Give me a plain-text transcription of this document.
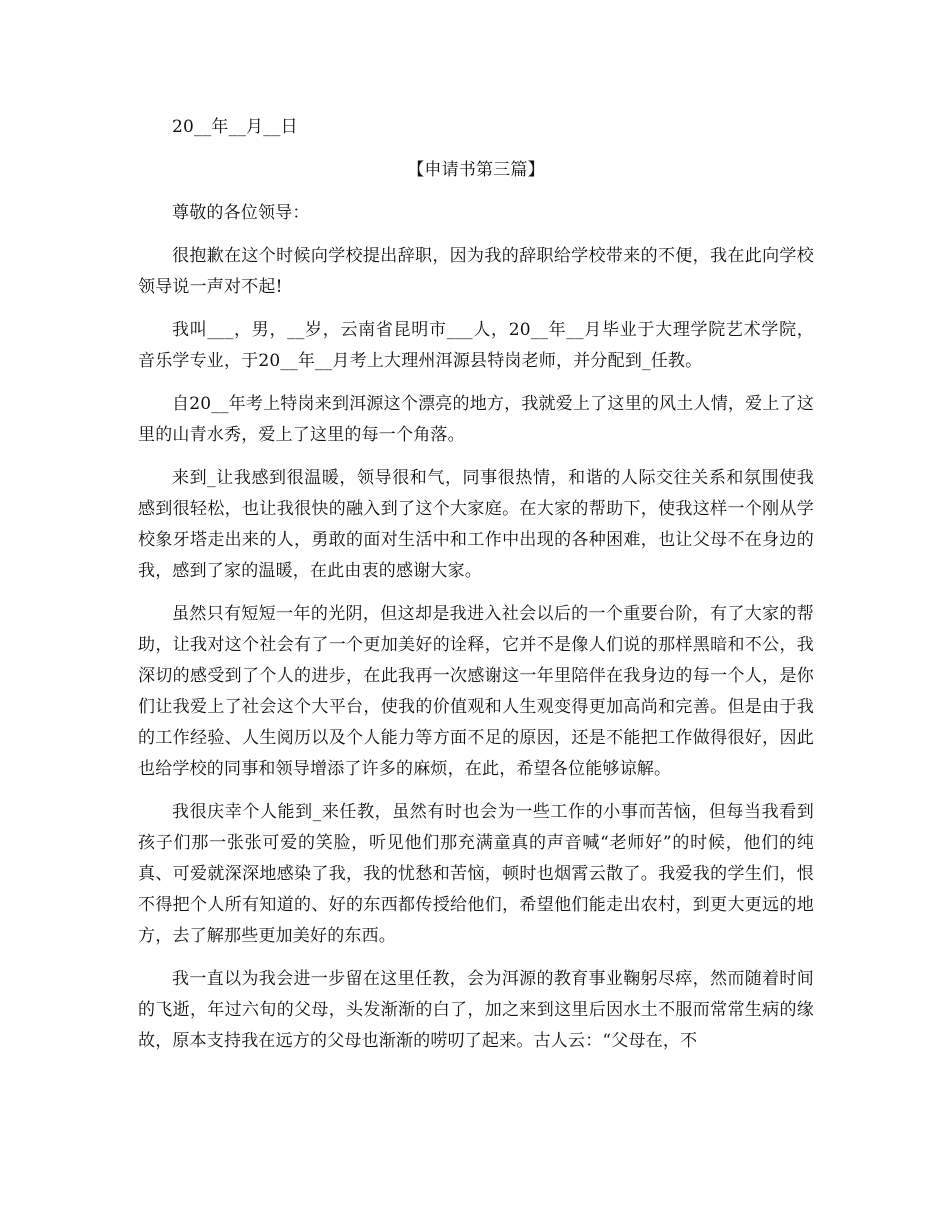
20__年__月__日

【申请书第三篇】

尊敬的各位领导：

很抱歉在这个时候向学校提出辞职，因为我的辞职给学校带来的不便，我在此向学校领导说一声对不起!

我叫___，男，__岁，云南省昆明市___人，20__年__月毕业于大理学院艺术学院，音乐学专业，于20__年__月考上大理州洱源县特岗老师，并分配到_任教。

自20__年考上特岗来到洱源这个漂亮的地方，我就爱上了这里的风土人情，爱上了这里的山青水秀，爱上了这里的每一个角落。

来到_让我感到很温暖，领导很和气，同事很热情，和谐的人际交往关系和氛围使我感到很轻松，也让我很快的融入到了这个大家庭。在大家的帮助下，使我这样一个刚从学校象牙塔走出来的人，勇敢的面对生活中和工作中出现的各种困难，也让父母不在身边的我，感到了家的温暖，在此由衷的感谢大家。

虽然只有短短一年的光阴，但这却是我进入社会以后的一个重要台阶，有了大家的帮助，让我对这个社会有了一个更加美好的诠释，它并不是像人们说的那样黑暗和不公，我深切的感受到了个人的进步，在此我再一次感谢这一年里陪伴在我身边的每一个人，是你们让我爱上了社会这个大平台，使我的价值观和人生观变得更加高尚和完善。但是由于我的工作经验、人生阅历以及个人能力等方面不足的原因，还是不能把工作做得很好，因此也给学校的同事和领导增添了许多的麻烦，在此，希望各位能够谅解。

我很庆幸个人能到_来任教，虽然有时也会为一些工作的小事而苦恼，但每当我看到孩子们那一张张可爱的笑脸，听见他们那充满童真的声音喊“老师好”的时候，他们的纯真、可爱就深深地感染了我，我的忧愁和苦恼，顿时也烟霄云散了。我爱我的学生们，恨不得把个人所有知道的、好的东西都传授给他们，希望他们能走出农村，到更大更远的地方，去了解那些更加美好的东西。

我一直以为我会进一步留在这里任教，会为洱源的教育事业鞠躬尽瘁，然而随着时间的飞逝，年过六旬的父母，头发渐渐的白了，加之来到这里后因水土不服而常常生病的缘故，原本支持我在远方的父母也渐渐的唠叨了起来。古人云：“父母在，不
